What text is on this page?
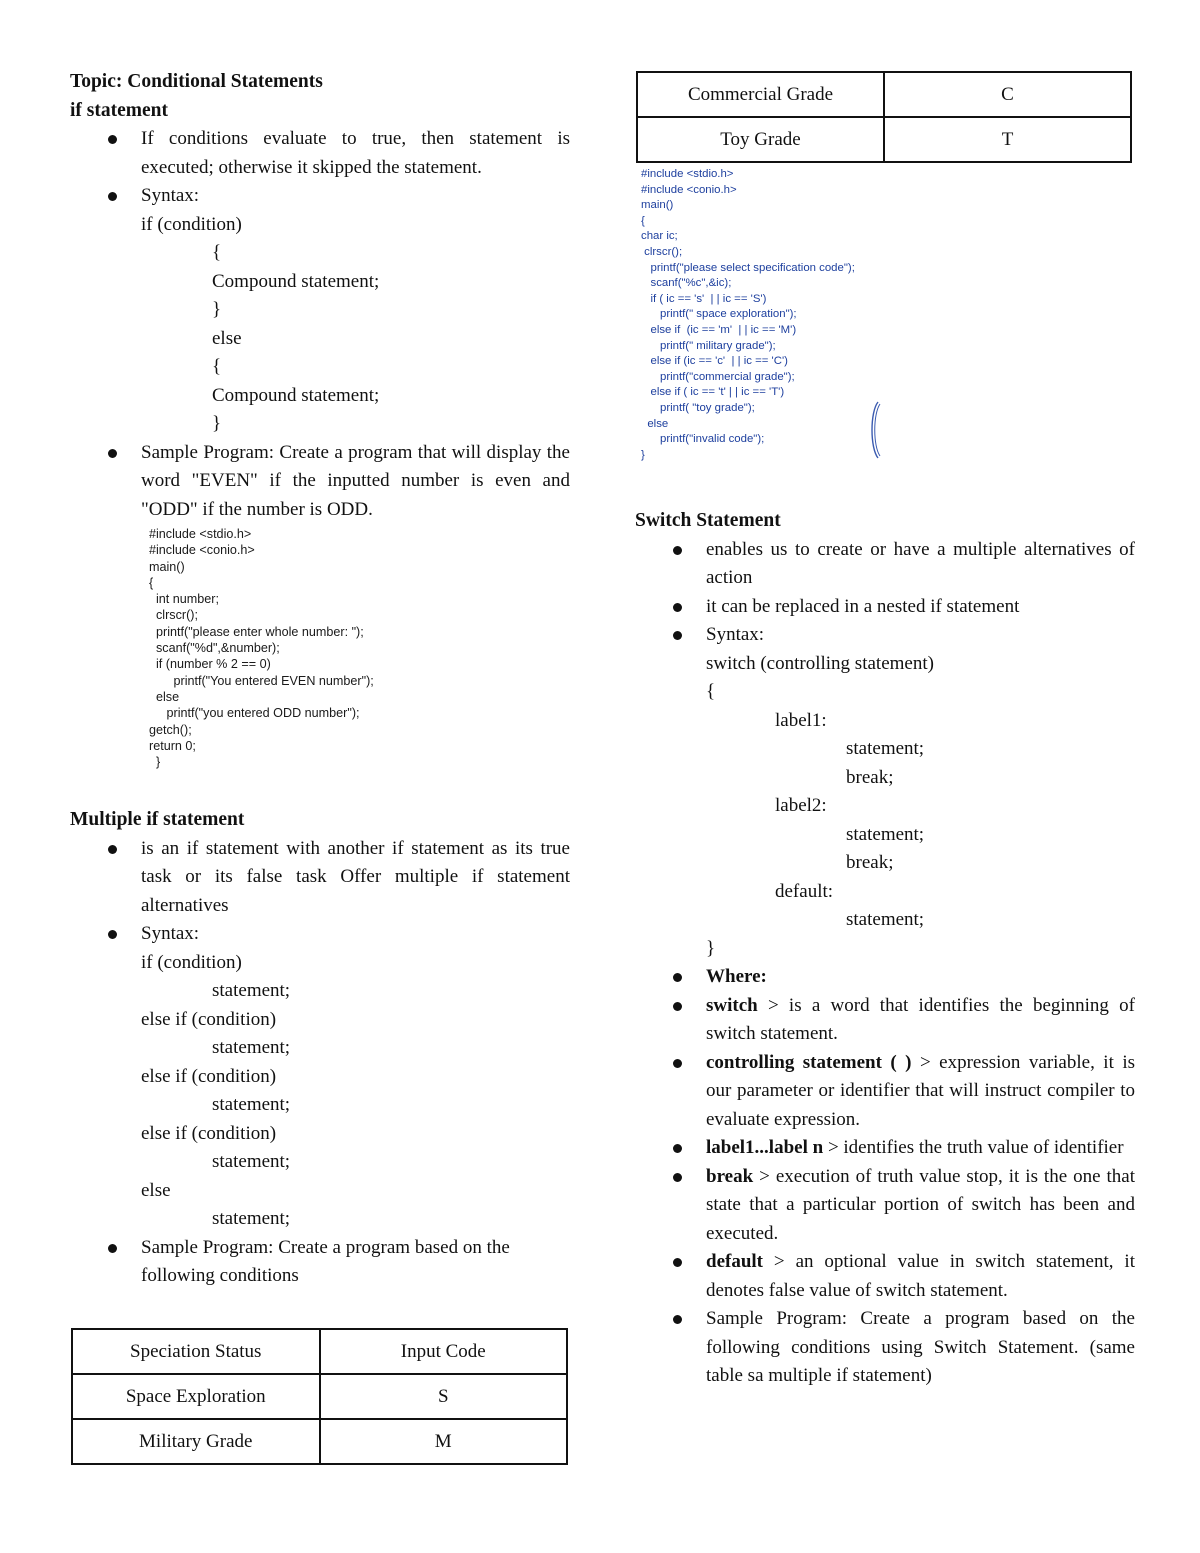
Topic: Conditional Statements
if statement
If conditions evaluate to true, then statement is executed; otherwise it skipped the statement.
Syntax:
if (condition)
{
Compound statement;
}
else
{
Compound statement;
}
Sample Program: Create a program that will display the word "EVEN" if the inputted number is even and "ODD" if the number is ODD.
#include <stdio.h>
#include <conio.h>
main()
{
int number;
clrscr();
printf("please enter whole number: ");
scanf("%d",&number);
if (number % 2 == 0)
printf("You entered EVEN number");
else
printf("you entered ODD number");
getch();
return 0;
}
Multiple if statement
is an if statement with another if statement as its true task or its false task Offer multiple if statement alternatives
Syntax:
if (condition)
statement;
else if (condition)
statement;
else if (condition)
statement;
else if (condition)
statement;
else
statement;
Sample Program: Create a program based on the following conditions
Speciation Status	Input Code
Space Exploration	S
Military Grade	M
Commercial Grade	C
Toy Grade	T
#include <stdio.h>
#include <conio.h>
main()
{
char ic;
clrscr();
printf("please select specification code");
scanf("%c",&ic);
if ( ic == 's'  | | ic == 'S')
printf(" space exploration");
else if  (ic == 'm'  | | ic == 'M')
printf(" military grade");
else if (ic == 'c'  | | ic == 'C')
printf("commercial grade");
else if ( ic == 't' | | ic == 'T')
printf( "toy grade");
else
printf("invalid code");
}
Switch Statement
enables us to create or have a multiple alternatives of action
it can be replaced in a nested if statement
Syntax:
switch (controlling statement)
{
label1:
statement;
break;
label2:
statement;
break;
default:
statement;
}
Where:
switch > is a word that identifies the beginning of switch statement.
controlling statement ( ) > expression variable, it is our parameter or identifier that will instruct compiler to evaluate expression.
label1...label n > identifies the truth value of identifier
break > execution of truth value stop, it is the one that state that a particular portion of switch has been and executed.
default > an optional value in switch statement, it denotes false value of switch statement.
Sample Program: Create a program based on the following conditions using Switch Statement. (same table sa multiple if statement)
